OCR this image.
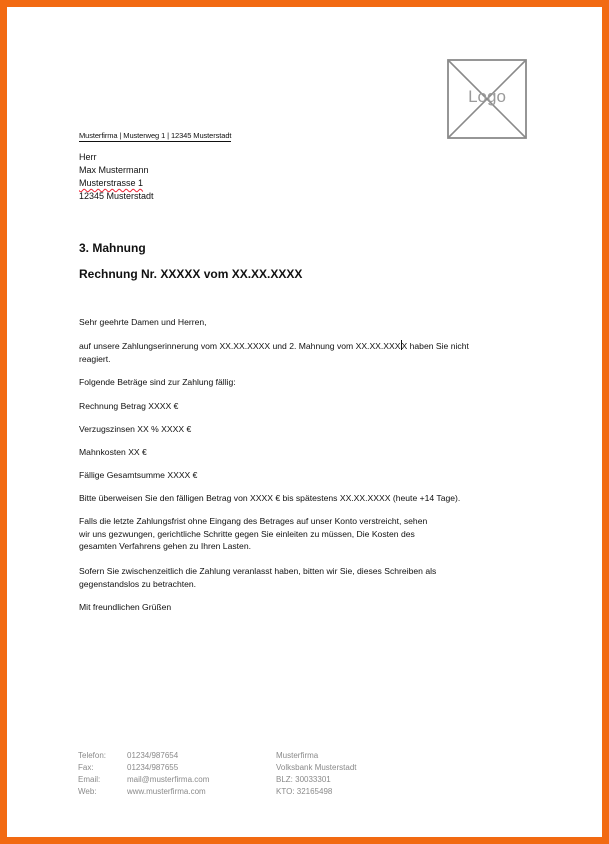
Logo
Musterfirma | Musterweg 1 | 12345 Musterstadt
Herr
Max Mustermann
Musterstrasse 1
12345 Musterstadt
3. Mahnung
Rechnung Nr. XXXXX vom XX.XX.XXXX
Sehr geehrte Damen und Herren,
auf unsere Zahlungserinnerung vom XX.XX.XXXX und 2. Mahnung vom XX.XX.XXXX haben Sie nicht
reagiert.
Folgende Beträge sind zur Zahlung fällig:
Rechnung Betrag XXXX €
Verzugszinsen XX % XXXX €
Mahnkosten XX €
Fällige Gesamtsumme XXXX €
Bitte überweisen Sie den fälligen Betrag von XXXX € bis spätestens XX.XX.XXXX (heute +14 Tage).
Falls die letzte Zahlungsfrist ohne Eingang des Betrages auf unser Konto verstreicht, sehen
wir uns gezwungen, gerichtliche Schritte gegen Sie einleiten zu müssen, Die Kosten des
gesamten Verfahrens gehen zu Ihren Lasten.
Sofern Sie zwischenzeitlich die Zahlung veranlasst haben, bitten wir Sie, dieses Schreiben als
gegenstandslos zu betrachten.
Mit freundlichen Grüßen
Telefon:
Fax:
Email:
Web:
01234/987654
01234/987655
mail@musterfirma.com
www.musterfirma.com
Musterfirma
Volksbank Musterstadt
BLZ: 30033301
KTO: 32165498
